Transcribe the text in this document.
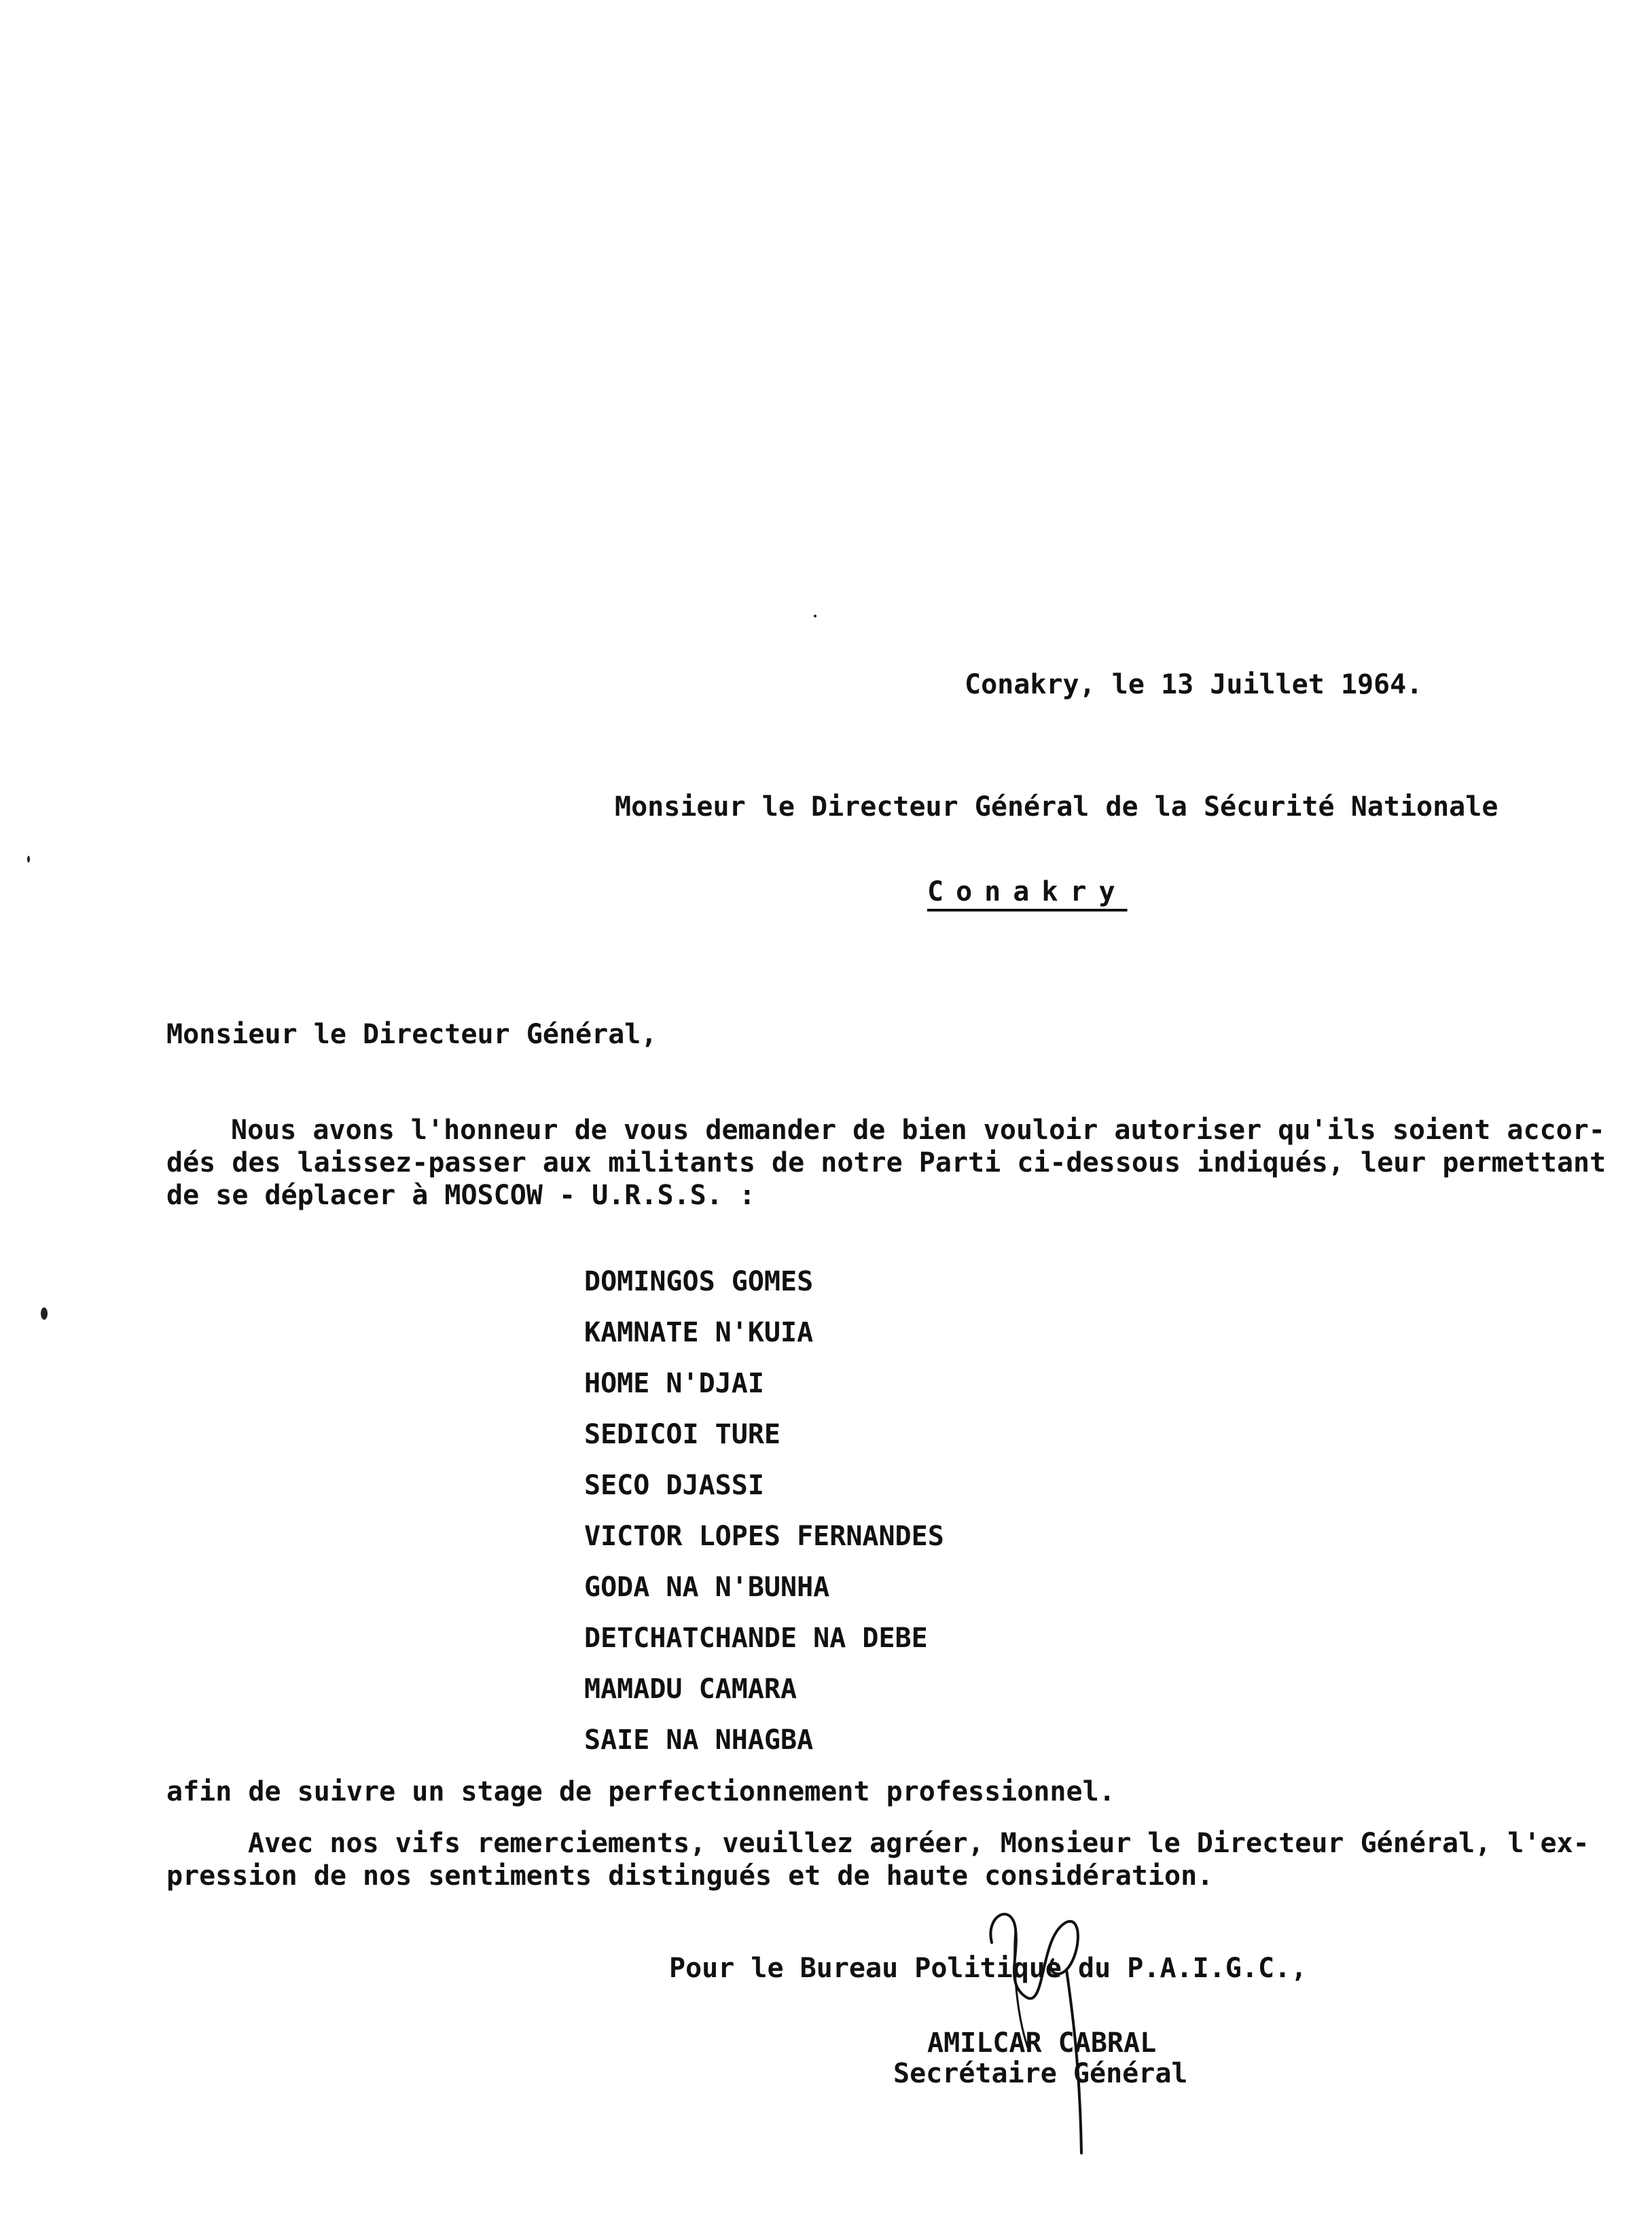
Conakry, le 13 Juillet 1964.
Monsieur le Directeur Général de la Sécurité Nationale
Conakry
Monsieur le Directeur Général,
Nous avons l'honneur de vous demander de bien vouloir autoriser qu'ils soient accor-
dés des laissez-passer aux militants de notre Parti ci-dessous indiqués, leur permettant
de se déplacer à MOSCOW - U.R.S.S. :
DOMINGOS GOMES
KAMNATE N'KUIA
HOME N'DJAI
SEDICOI TURE
SECO DJASSI
VICTOR LOPES FERNANDES
GODA NA N'BUNHA
DETCHATCHANDE NA DEBE
MAMADU CAMARA
SAIE NA NHAGBA
afin de suivre un stage de perfectionnement professionnel.
Avec nos vifs remerciements, veuillez agréer, Monsieur le Directeur Général, l'ex-
pression de nos sentiments distingués et de haute considération.
Pour le Bureau Politique du P.A.I.G.C.,
AMILCAR CABRAL
Secrétaire Général
